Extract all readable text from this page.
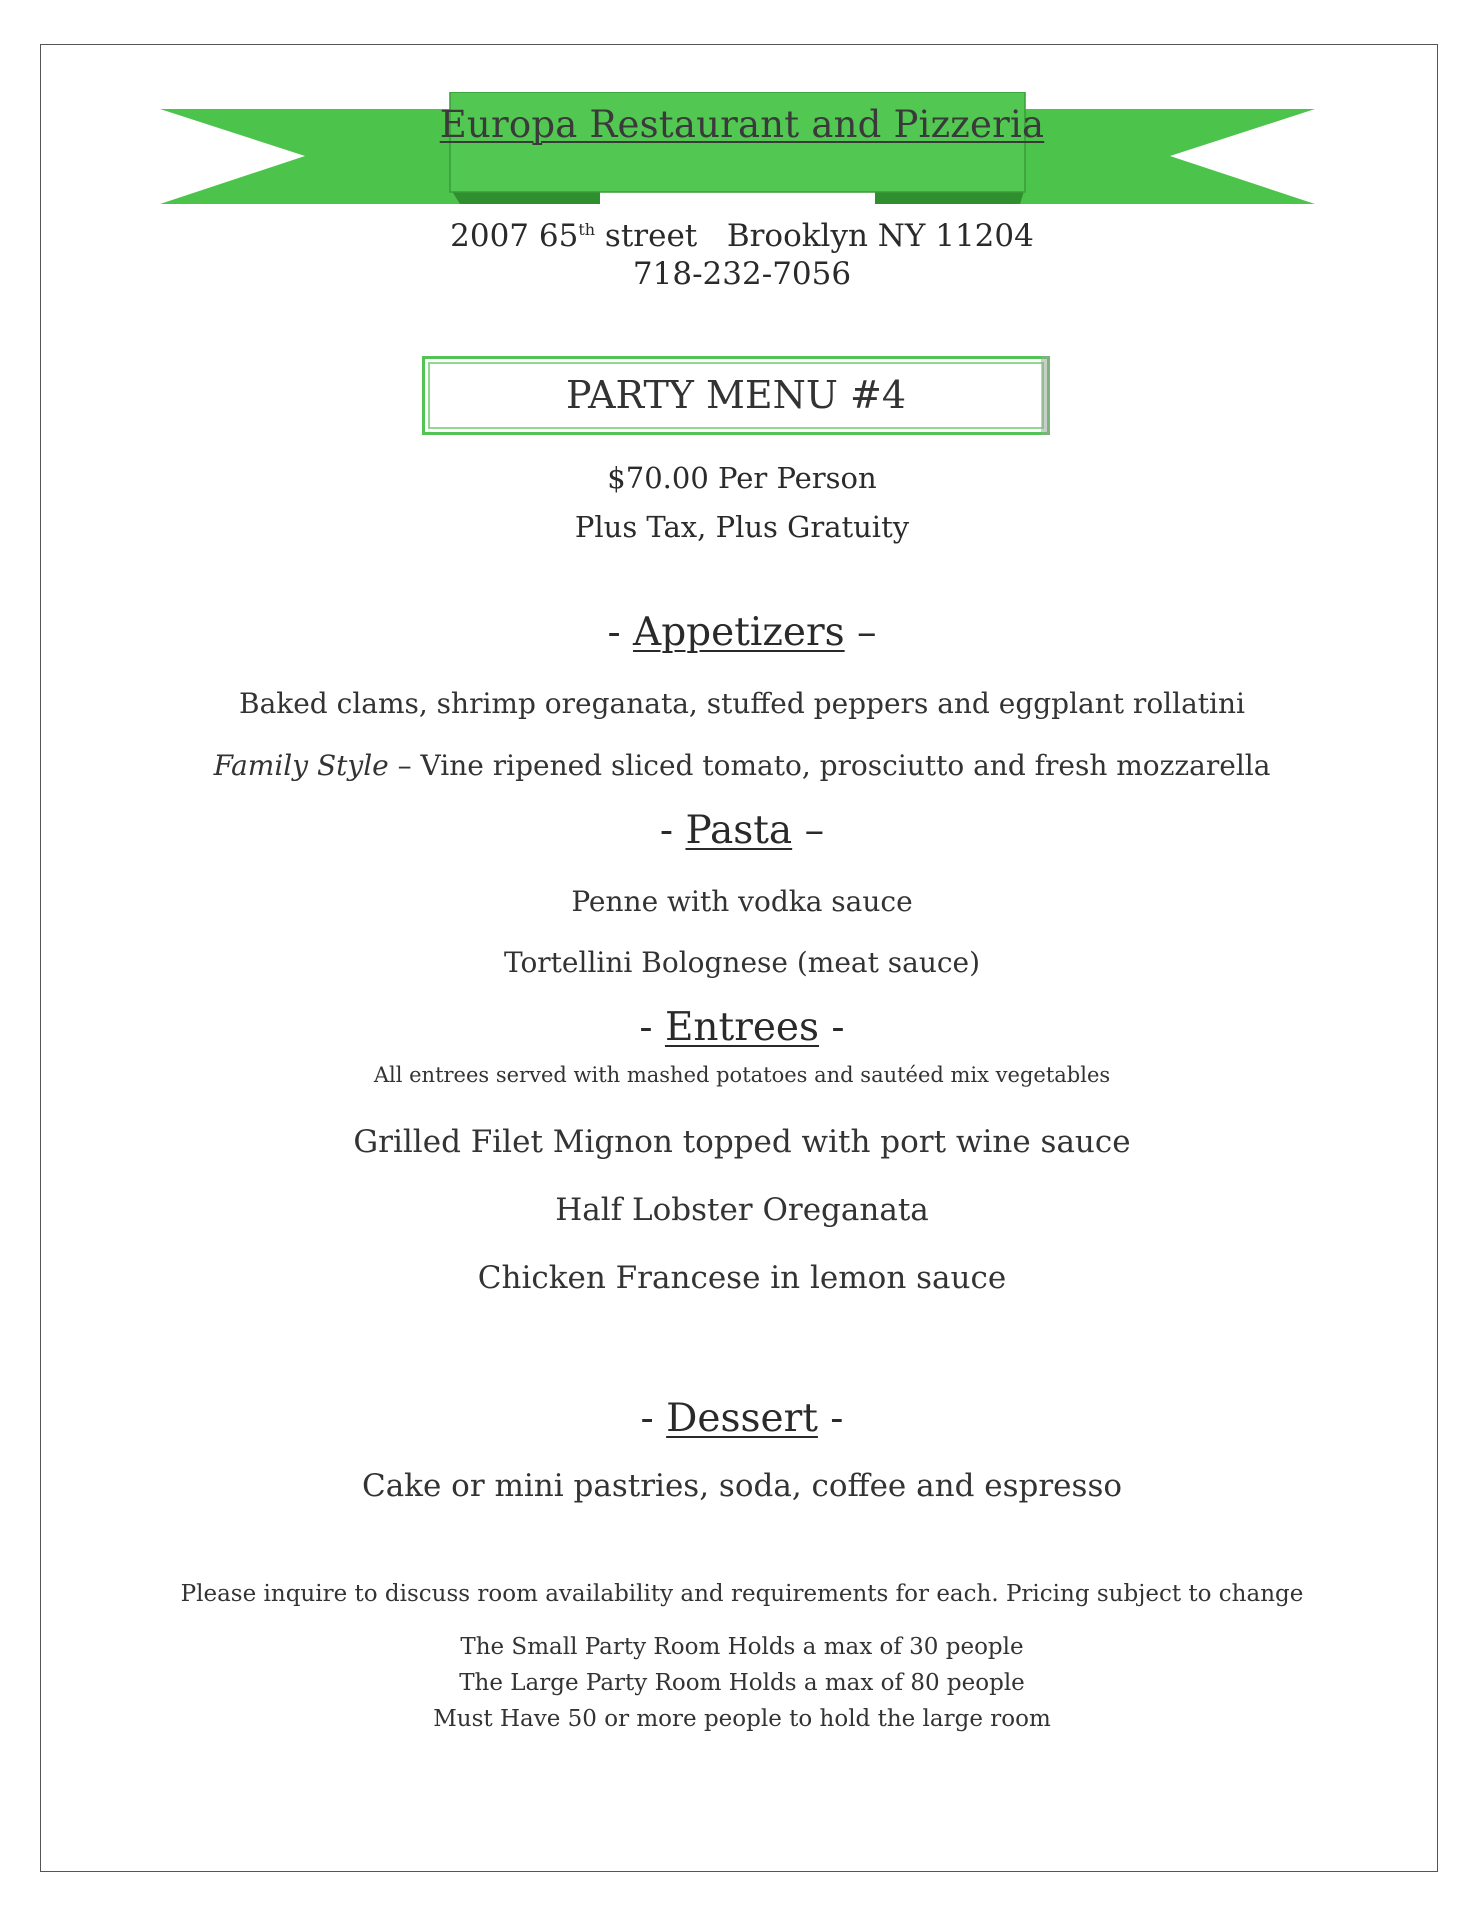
Europa Restaurant and Pizzeria
2007 65th street   Brooklyn NY 11204
718-232-7056
PARTY MENU #4
$70.00 Per Person
Plus Tax, Plus Gratuity
- Appetizers –
Baked clams, shrimp oreganata, stuffed peppers and eggplant rollatini
Family Style – Vine ripened sliced tomato, prosciutto and fresh mozzarella
- Pasta –
Penne with vodka sauce
Tortellini Bolognese (meat sauce)
- Entrees -
All entrees served with mashed potatoes and sautéed mix vegetables
Grilled Filet Mignon topped with port wine sauce
Half Lobster Oreganata
Chicken Francese in lemon sauce
- Dessert -
Cake or mini pastries, soda, coffee and espresso
Please inquire to discuss room availability and requirements for each. Pricing subject to change
The Small Party Room Holds a max of 30 people
The Large Party Room Holds a max of 80 people
Must Have 50 or more people to hold the large room
